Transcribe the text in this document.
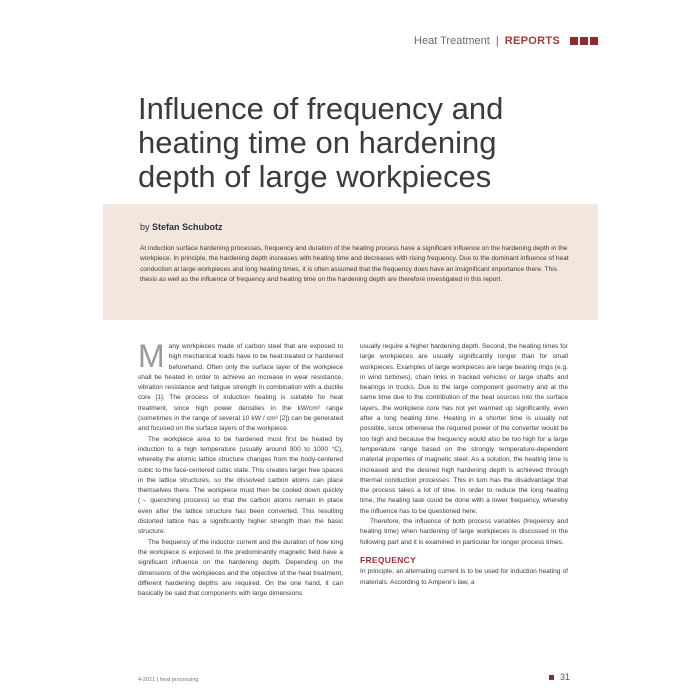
Heat Treatment | REPORTS
Influence of frequency and heating time on hardening depth of large workpieces
by Stefan Schubotz

At induction surface hardening processes, frequency and duration of the heating process have a significant influence on the hardening depth in the workpiece. In principle, the hardening depth increases with heating time and decreases with rising frequency. Due to the dominant influence of heat conduction at large workpieces and long heating times, it is often assumed that the frequency does have an insignificant importance there. This thesis as well as the influence of frequency and heating time on the hardening depth are therefore investigated in this report.

Many workpieces made of carbon steel that are exposed to high mechanical loads have to be heat-treated or hardened beforehand. Often only the surface layer of the workpiece shall be heated in order to achieve an increase in wear resistance, vibration resistance and fatigue strength in combination with a ductile core [1]. The process of induction heating is suitable for heat treatment, since high power densities in the kW/cm² range (sometimes in the range of several 10 kW / cm² [2]) can be generated and focused on the surface layers of the workpiece.

The workpiece area to be hardened must first be heated by induction to a high temperature (usually around 900 to 1000 °C), whereby the atomic lattice structure changes from the body-centered cubic to the face-centered cubic state. This creates larger free spaces in the lattice structures, so the dissolved carbon atoms can place themselves there. The workpiece must then be cooled down quickly (→ quenching process) so that the carbon atoms remain in place even after the lattice structure has been converted. This resulting distorted lattice has a significantly higher strength than the basic structure.

The frequency of the inductor current and the duration of how long the workpiece is exposed to the predominantly magnetic field have a significant influence on the hardening depth. Depending on the dimensions of the workpieces and the objective of the heat treatment, different hardening depths are required. On the one hand, it can basically be said that components with large dimensions

usually require a higher hardening depth. Second, the heating times for large workpieces are usually significantly longer than for small workpieces. Examples of large workpieces are large bearing rings (e.g. in wind turbines), chain links in tracked vehicles or large shafts and bearings in trucks. Due to the large component geometry and at the same time due to the contribution of the heat sources into the surface layers, the workpiece core has not yet warmed up significantly, even after a long heating time. Heating in a shorter time is usually not possible, since otherwise the required power of the converter would be too high and because the frequency would also be too high for a large temperature range based on the strongly temperature-dependent material properties of magnetic steel. As a solution, the heating time is increased and the desired high hardening depth is achieved through thermal conduction processes. This in turn has the disadvantage that the process takes a lot of time. In order to reduce the long heating time, the heating task could be done with a lower frequency, whereby the influence has to be questioned here.

Therefore, the influence of both process variables (frequency and heating time) when hardening of large workpieces is discussed in the following part and it is examined in particular for longer process times.

FREQUENCY

In principle, an alternating current is to be used for induction heating of materials. According to Ampere's law, a

4-2021 | heat processing	31
